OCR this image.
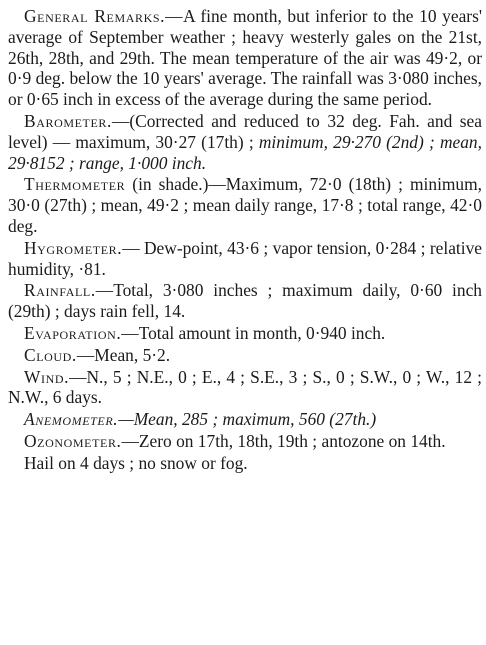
General Remarks.—A fine month, but inferior to the 10 years' average of September weather ; heavy westerly gales on the 21st, 26th, 28th, and 29th. The mean temperature of the air was 49·2, or 0·9 deg. below the 10 years' average. The rainfall was 3·080 inches, or 0·65 inch in excess of the average during the same period.

Barometer.—(Corrected and reduced to 32 deg. Fah. and sea level) — maximum, 30·27 (17th) ; minimum, 29·270 (2nd) ; mean, 29·8152 ; range, 1·000 inch.

Thermometer (in shade.)—Maximum, 72·0 (18th) ; minimum, 30·0 (27th) ; mean, 49·2 ; mean daily range, 17·8 ; total range, 42·0 deg.

Hygrometer.— Dew-point, 43·6 ; vapor tension, 0·284 ; relative humidity, ·81.

Rainfall.—Total, 3·080 inches ; maximum daily, 0·60 inch (29th) ; days rain fell, 14.

Evaporation.—Total amount in month, 0·940 inch.

Cloud.—Mean, 5·2.

Wind.—N., 5 ; N.E., 0 ; E., 4 ; S.E., 3 ; S., 0 ; S.W., 0 ; W., 12 ; N.W., 6 days.

Anemometer.—Mean, 285 ; maximum, 560 (27th.)

Ozonometer.—Zero on 17th, 18th, 19th ; antozone on 14th.

Hail on 4 days ; no snow or fog.
